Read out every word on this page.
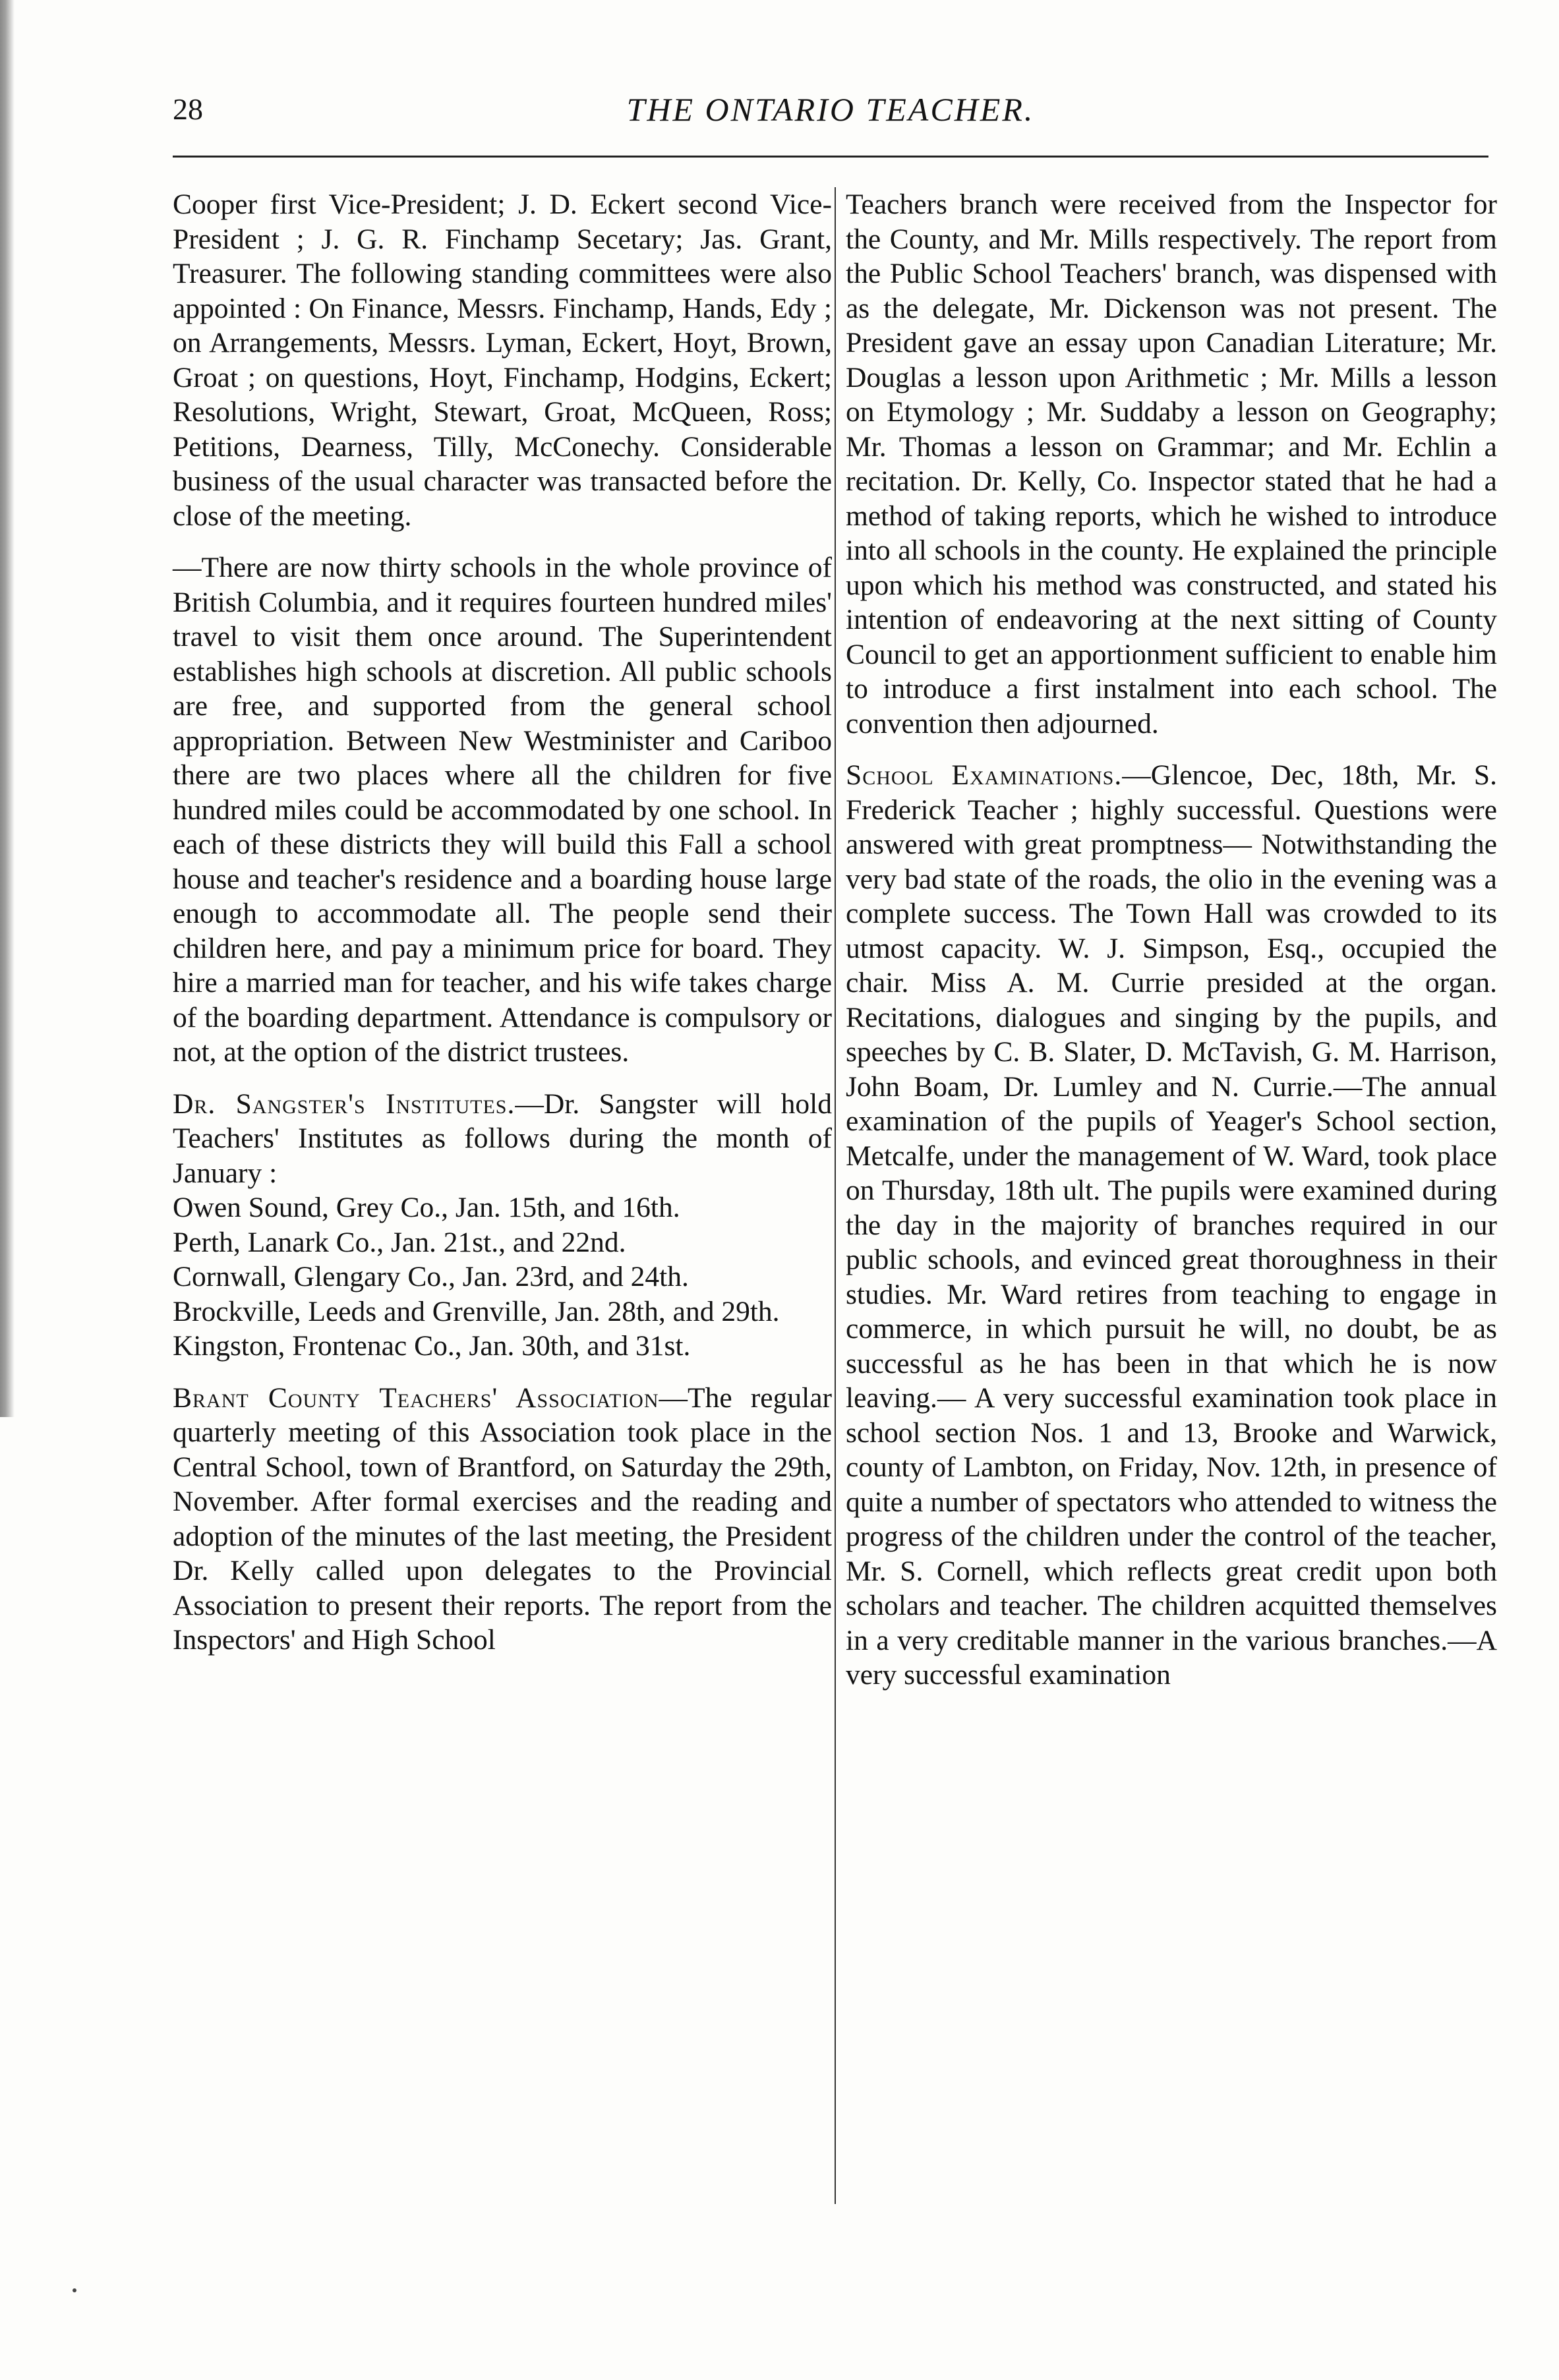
28	THE ONTARIO TEACHER.

Cooper first Vice-President; J. D. Eckert second Vice-President ; J. G. R. Finchamp Secetary; Jas. Grant, Treasurer. The following standing committees were also appointed : On Finance, Messrs. Finchamp, Hands, Edy ; on Arrangements, Messrs. Lyman, Eckert, Hoyt, Brown, Groat ; on questions, Hoyt, Finchamp, Hodgins, Eckert; Resolutions, Wright, Stewart, Groat, McQueen, Ross; Petitions, Dearness, Tilly, McConechy. Considerable business of the usual character was transacted before the close of the meeting.

—There are now thirty schools in the whole province of British Columbia, and it requires fourteen hundred miles' travel to visit them once around. The Superintendent establishes high schools at discretion. All public schools are free, and supported from the general school appropriation. Between New Westminister and Cariboo there are two places where all the children for five hundred miles could be accommodated by one school. In each of these districts they will build this Fall a school house and teacher's residence and a boarding house large enough to accommodate all. The people send their children here, and pay a minimum price for board. They hire a married man for teacher, and his wife takes charge of the boarding department. Attendance is compulsory or not, at the option of the district trustees.

Dr. Sangster's Institutes.—Dr. Sangster will hold Teachers' Institutes as follows during the month of January :

Owen Sound, Grey Co., Jan. 15th, and 16th.

Perth, Lanark Co., Jan. 21st., and 22nd.

Cornwall, Glengary Co., Jan. 23rd, and 24th.

Brockville, Leeds and Grenville, Jan. 28th, and 29th.

Kingston, Frontenac Co., Jan. 30th, and 31st.

Brant County Teachers' Association—The regular quarterly meeting of this Association took place in the Central School, town of Brantford, on Saturday the 29th, November. After formal exercises and the reading and adoption of the minutes of the last meeting, the President Dr. Kelly called upon delegates to the Provincial Association to present their reports. The report from the Inspectors' and High School

Teachers branch were received from the Inspector for the County, and Mr. Mills respectively. The report from the Public School Teachers' branch, was dispensed with as the delegate, Mr. Dickenson was not present. The President gave an essay upon Canadian Literature; Mr. Douglas a lesson upon Arithmetic ; Mr. Mills a lesson on Etymology ; Mr. Suddaby a lesson on Geography; Mr. Thomas a lesson on Grammar; and Mr. Echlin a recitation. Dr. Kelly, Co. Inspector stated that he had a method of taking reports, which he wished to introduce into all schools in the county. He explained the principle upon which his method was constructed, and stated his intention of endeavoring at the next sitting of County Council to get an apportionment sufficient to enable him to introduce a first instalment into each school. The convention then adjourned.

School Examinations.—Glencoe, Dec, 18th, Mr. S. Frederick Teacher ; highly successful. Questions were answered with great promptness— Notwithstanding the very bad state of the roads, the olio in the evening was a complete success. The Town Hall was crowded to its utmost capacity. W. J. Simpson, Esq., occupied the chair. Miss A. M. Currie presided at the organ. Recitations, dialogues and singing by the pupils, and speeches by C. B. Slater, D. McTavish, G. M. Harrison, John Boam, Dr. Lumley and N. Currie.—The annual examination of the pupils of Yeager's School section, Metcalfe, under the management of W. Ward, took place on Thursday, 18th ult. The pupils were examined during the day in the majority of branches required in our public schools, and evinced great thoroughness in their studies. Mr. Ward retires from teaching to engage in commerce, in which pursuit he will, no doubt, be as successful as he has been in that which he is now leaving.— A very successful examination took place in school section Nos. 1 and 13, Brooke and Warwick, county of Lambton, on Friday, Nov. 12th, in presence of quite a number of spectators who attended to witness the progress of the children under the control of the teacher, Mr. S. Cornell, which reflects great credit upon both scholars and teacher. The children acquitted themselves in a very creditable manner in the various branches.—A very successful examination
